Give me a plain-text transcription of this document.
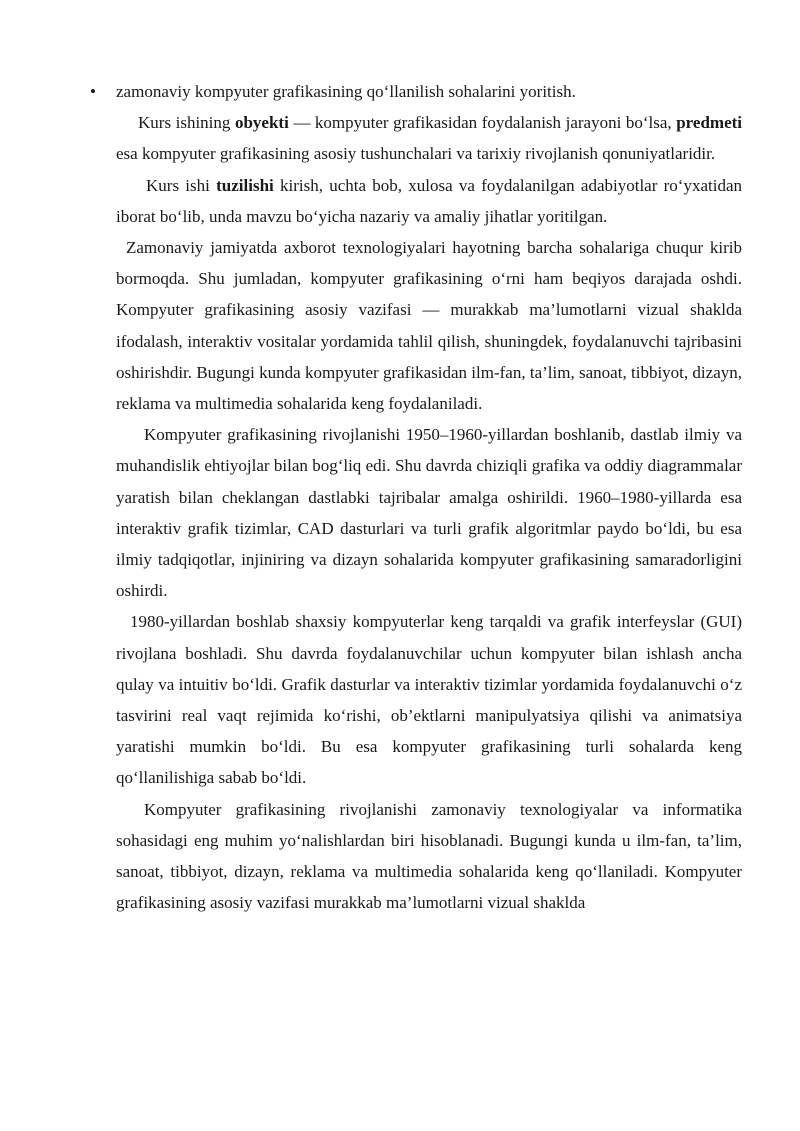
• zamonaviy kompyuter grafikasining qo‘llanilish sohalarini yoritish.

Kurs ishining obyekti — kompyuter grafikasidan foydalanish jarayoni bo‘lsa, predmeti esa kompyuter grafikasining asosiy tushunchalari va tarixiy rivojlanish qonuniyatlaridir.

Kurs ishi tuzilishi kirish, uchta bob, xulosa va foydalanilgan adabiyotlar ro‘yxatidan iborat bo‘lib, unda mavzu bo‘yicha nazariy va amaliy jihatlar yoritilgan.

Zamonaviy jamiyatda axborot texnologiyalari hayotning barcha sohalariga chuqur kirib bormoqda. Shu jumladan, kompyuter grafikasining o‘rni ham beqiyos darajada oshdi. Kompyuter grafikasining asosiy vazifasi — murakkab ma’lumotlarni vizual shaklda ifodalash, interaktiv vositalar yordamida tahlil qilish, shuningdek, foydalanuvchi tajribasini oshirishdir. Bugungi kunda kompyuter grafikasidan ilm-fan, ta’lim, sanoat, tibbiyot, dizayn, reklama va multimedia sohalarida keng foydalaniladi.

Kompyuter grafikasining rivojlanishi 1950–1960-yillardan boshlanib, dastlab ilmiy va muhandislik ehtiyojlar bilan bog‘liq edi. Shu davrda chiziqli grafika va oddiy diagrammalar yaratish bilan cheklangan dastlabki tajribalar amalga oshirildi. 1960–1980-yillarda esa interaktiv grafik tizimlar, CAD dasturlari va turli grafik algoritmlar paydo bo‘ldi, bu esa ilmiy tadqiqotlar, injiniring va dizayn sohalarida kompyuter grafikasining samaradorligini oshirdi.

1980-yillardan boshlab shaxsiy kompyuterlar keng tarqaldi va grafik interfeyslar (GUI) rivojlana boshladi. Shu davrda foydalanuvchilar uchun kompyuter bilan ishlash ancha qulay va intuitiv bo‘ldi. Grafik dasturlar va interaktiv tizimlar yordamida foydalanuvchi o‘z tasvirini real vaqt rejimida ko‘rishi, ob’ektlarni manipulyatsiya qilishi va animatsiya yaratishi mumkin bo‘ldi. Bu esa kompyuter grafikasining turli sohalarda keng qo‘llanilishiga sabab bo‘ldi.

Kompyuter grafikasining rivojlanishi zamonaviy texnologiyalar va informatika sohasidagi eng muhim yo‘nalishlardan biri hisoblanadi. Bugungi kunda u ilm-fan, ta’lim, sanoat, tibbiyot, dizayn, reklama va multimedia sohalarida keng qo‘llaniladi. Kompyuter grafikasining asosiy vazifasi murakkab ma’lumotlarni vizual shaklda
